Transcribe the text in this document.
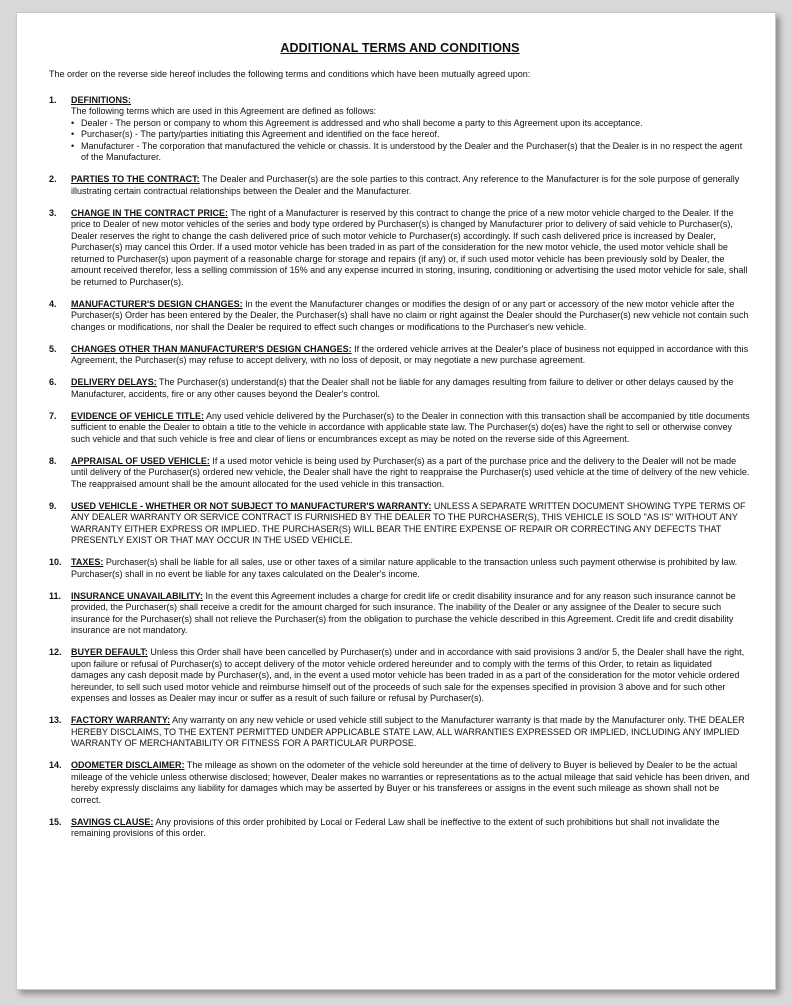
ADDITIONAL TERMS AND CONDITIONS
The order on the reverse side hereof includes the following terms and conditions which have been mutually agreed upon:
1.	DEFINITIONS:
The following terms which are used in this Agreement are defined as follows:
• Dealer - The person or company to whom this Agreement is addressed and who shall become a party to this Agreement upon its acceptance.
• Purchaser(s) - The party/parties initiating this Agreement and identified on the face hereof.
• Manufacturer - The corporation that manufactured the vehicle or chassis. It is understood by the Dealer and the Purchaser(s) that the Dealer is in no respect the agent of the Manufacturer.
2.	PARTIES TO THE CONTRACT: The Dealer and Purchaser(s) are the sole parties to this contract. Any reference to the Manufacturer is for the sole purpose of generally illustrating certain contractual relationships between the Dealer and the Manufacturer.
3.	CHANGE IN THE CONTRACT PRICE: The right of a Manufacturer is reserved by this contract to change the price of a new motor vehicle charged to the Dealer. If the price to Dealer of new motor vehicles of the series and body type ordered by Purchaser(s) is changed by Manufacturer prior to delivery of said vehicle to Purchaser(s), Dealer reserves the right to change the cash delivered price of such motor vehicle to Purchaser(s) accordingly. If such cash delivered price is increased by Dealer, Purchaser(s) may cancel this Order. If a used motor vehicle has been traded in as part of the consideration for the new motor vehicle, the used motor vehicle shall be returned to Purchaser(s) upon payment of a reasonable charge for storage and repairs (if any) or, if such used motor vehicle has been previously sold by Dealer, the amount received therefor, less a selling commission of 15% and any expense incurred in storing, insuring, conditioning or advertising the used motor vehicle for sale, shall be returned to Purchaser(s).
4.	MANUFACTURER'S DESIGN CHANGES: In the event the Manufacturer changes or modifies the design of or any part or accessory of the new motor vehicle after the Purchaser(s) Order has been entered by the Dealer, the Purchaser(s) shall have no claim or right against the Dealer should the Purchaser(s) new vehicle not contain such changes or modifications, nor shall the Dealer be required to effect such changes or modifications to the Purchaser's new vehicle.
5.	CHANGES OTHER THAN MANUFACTURER'S DESIGN CHANGES: If the ordered vehicle arrives at the Dealer's place of business not equipped in accordance with this Agreement, the Purchaser(s) may refuse to accept delivery, with no loss of deposit, or may negotiate a new purchase agreement.
6.	DELIVERY DELAYS: The Purchaser(s) understand(s) that the Dealer shall not be liable for any damages resulting from failure to deliver or other delays caused by the Manufacturer, accidents, fire or any other causes beyond the Dealer's control.
7.	EVIDENCE OF VEHICLE TITLE: Any used vehicle delivered by the Purchaser(s) to the Dealer in connection with this transaction shall be accompanied by title documents sufficient to enable the Dealer to obtain a title to the vehicle in accordance with applicable state law. The Purchaser(s) do(es) have the right to sell or otherwise convey such vehicle and that such vehicle is free and clear of liens or encumbrances except as may be noted on the reverse side of this Agreement.
8.	APPRAISAL OF USED VEHICLE: If a used motor vehicle is being used by Purchaser(s) as a part of the purchase price and the delivery to the Dealer will not be made until delivery of the Purchaser(s) ordered new vehicle, the Dealer shall have the right to reappraise the Purchaser(s) used vehicle at the time of delivery of the new vehicle. The reappraised amount shall be the amount allocated for the used vehicle in this transaction.
9.	USED VEHICLE - WHETHER OR NOT SUBJECT TO MANUFACTURER'S WARRANTY: UNLESS A SEPARATE WRITTEN DOCUMENT SHOWING TYPE TERMS OF ANY DEALER WARRANTY OR SERVICE CONTRACT IS FURNISHED BY THE DEALER TO THE PURCHASER(S), THIS VEHICLE IS SOLD "AS IS" WITHOUT ANY WARRANTY EITHER EXPRESS OR IMPLIED. THE PURCHASER(S) WILL BEAR THE ENTIRE EXPENSE OF REPAIR OR CORRECTING ANY DEFECTS THAT PRESENTLY EXIST OR THAT MAY OCCUR IN THE USED VEHICLE.
10.	TAXES: Purchaser(s) shall be liable for all sales, use or other taxes of a similar nature applicable to the transaction unless such payment otherwise is prohibited by law. Purchaser(s) shall in no event be liable for any taxes calculated on the Dealer's income.
11.	INSURANCE UNAVAILABILITY: In the event this Agreement includes a charge for credit life or credit disability insurance and for any reason such insurance cannot be provided, the Purchaser(s) shall receive a credit for the amount charged for such insurance. The inability of the Dealer or any assignee of the Dealer to secure such insurance for the Purchaser(s) shall not relieve the Purchaser(s) from the obligation to purchase the vehicle described in this Agreement. Credit life and credit disability insurance are not mandatory.
12.	BUYER DEFAULT: Unless this Order shall have been cancelled by Purchaser(s) under and in accordance with said provisions 3 and/or 5, the Dealer shall have the right, upon failure or refusal of Purchaser(s) to accept delivery of the motor vehicle ordered hereunder and to comply with the terms of this Order, to retain as liquidated damages any cash deposit made by Purchaser(s), and, in the event a used motor vehicle has been traded in as a part of the consideration for the motor vehicle ordered hereunder, to sell such used motor vehicle and reimburse himself out of the proceeds of such sale for the expenses specified in provision 3 above and for such other expenses and losses as Dealer may incur or suffer as a result of such failure or refusal by Purchaser(s).
13.	FACTORY WARRANTY: Any warranty on any new vehicle or used vehicle still subject to the Manufacturer warranty is that made by the Manufacturer only. THE DEALER HEREBY DISCLAIMS, TO THE EXTENT PERMITTED UNDER APPLICABLE STATE LAW, ALL WARRANTIES EXPRESSED OR IMPLIED, INCLUDING ANY IMPLIED WARRANTY OF MERCHANTABILITY OR FITNESS FOR A PARTICULAR PURPOSE.
14.	ODOMETER DISCLAIMER: The mileage as shown on the odometer of the vehicle sold hereunder at the time of delivery to Buyer is believed by Dealer to be the actual mileage of the vehicle unless otherwise disclosed; however, Dealer makes no warranties or representations as to the actual mileage that said vehicle has been driven, and hereby expressly disclaims any liability for damages which may be asserted by Buyer or his transferees or assigns in the event such mileage as shown shall not be correct.
15.	SAVINGS CLAUSE: Any provisions of this order prohibited by Local or Federal Law shall be ineffective to the extent of such prohibitions but shall not invalidate the remaining provisions of this order.
